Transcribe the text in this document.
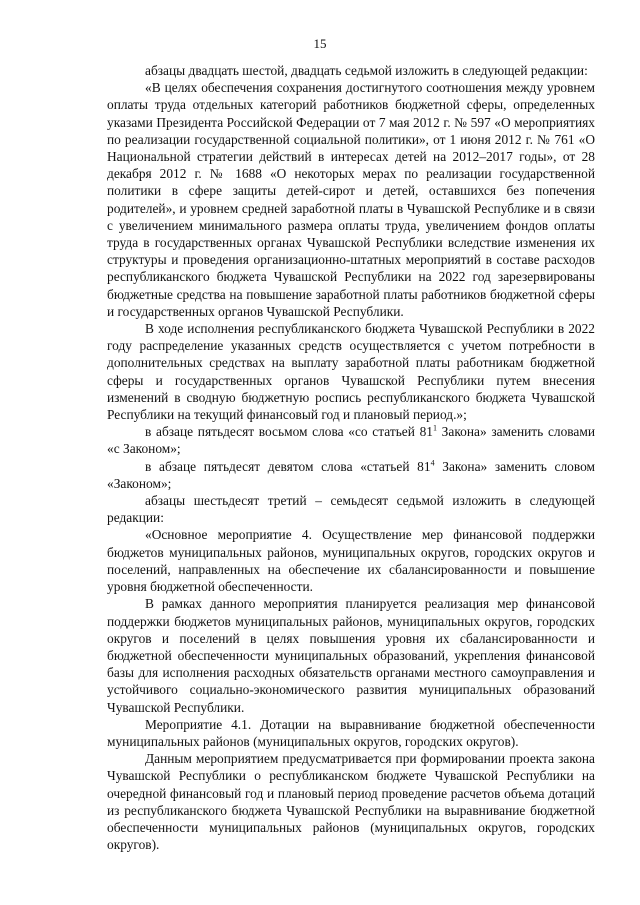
15

абзацы двадцать шестой, двадцать седьмой изложить в следующей редакции:

«В целях обеспечения сохранения достигнутого соотношения между уровнем оплаты труда отдельных категорий работников бюджетной сферы, определенных указами Президента Российской Федерации от 7 мая 2012 г. № 597 «О мероприятиях по реализации государственной социальной политики», от 1 июня 2012 г. № 761 «О Национальной стратегии действий в интересах детей на 2012–2017 годы», от 28 декабря 2012 г. № 1688 «О некоторых мерах по реализации государственной политики в сфере защиты детей-сирот и детей, оставшихся без попечения родителей», и уровнем средней заработной платы в Чувашской Республике и в связи с увеличением минимального размера оплаты труда, увеличением фондов оплаты труда в государственных органах Чувашской Республики вследствие изменения их структуры и проведения организационно-штатных мероприятий в составе расходов республиканского бюджета Чувашской Республики на 2022 год зарезервированы бюджетные средства на повышение заработной платы работников бюджетной сферы и государственных органов Чувашской Республики.

В ходе исполнения республиканского бюджета Чувашской Республики в 2022 году распределение указанных средств осуществляется с учетом потребности в дополнительных средствах на выплату заработной платы работникам бюджетной сферы и государственных органов Чувашской Республики путем внесения изменений в сводную бюджетную роспись республиканского бюджета Чувашской Республики на текущий финансовый год и плановый период.»;

в абзаце пятьдесят восьмом слова «со статьей $81^1$ Закона» заменить словами «с Законом»;

в абзаце пятьдесят девятом слова «статьей $81^4$ Закона» заменить словом «Законом»;

абзацы шестьдесят третий – семьдесят седьмой изложить в следующей редакции:

«Основное мероприятие 4. Осуществление мер финансовой поддержки бюджетов муниципальных районов, муниципальных округов, городских округов и поселений, направленных на обеспечение их сбалансированности и повышение уровня бюджетной обеспеченности.

В рамках данного мероприятия планируется реализация мер финансовой поддержки бюджетов муниципальных районов, муниципальных округов, городских округов и поселений в целях повышения уровня их сбалансированности и бюджетной обеспеченности муниципальных образований, укрепления финансовой базы для исполнения расходных обязательств органами местного самоуправления и устойчивого социально-экономического развития муниципальных образований Чувашской Республики.

Мероприятие 4.1. Дотации на выравнивание бюджетной обеспеченности муниципальных районов (муниципальных округов, городских округов).

Данным мероприятием предусматривается при формировании проекта закона Чувашской Республики о республиканском бюджете Чувашской Республики на очередной финансовый год и плановый период проведение расчетов объема дотаций из республиканского бюджета Чувашской Республики на выравнивание бюджетной обеспеченности муниципальных районов (муниципальных округов, городских округов).
